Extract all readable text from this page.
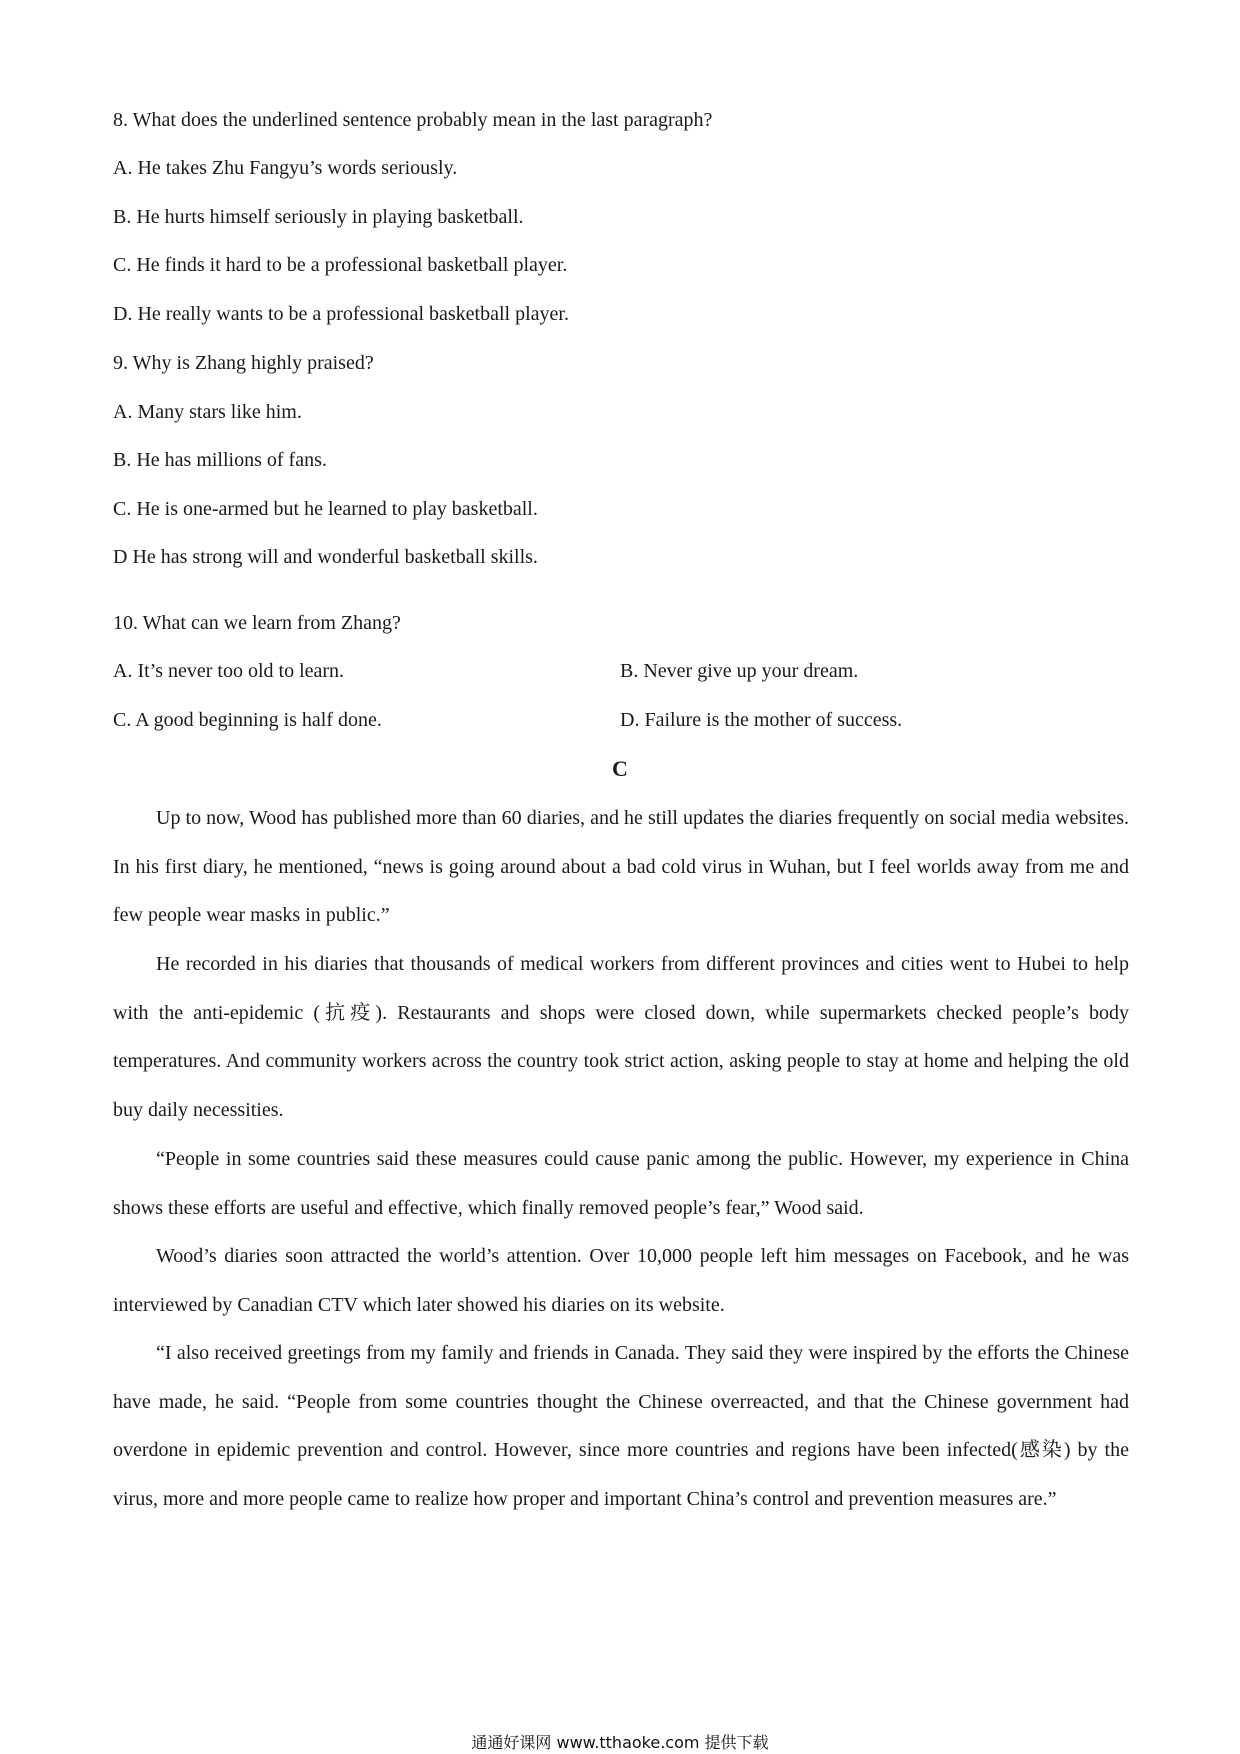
8. What does the underlined sentence probably mean in the last paragraph?
A. He takes Zhu Fangyu’s words seriously.
B. He hurts himself seriously in playing basketball.
C. He finds it hard to be a professional basketball player.
D. He really wants to be a professional basketball player.
9. Why is Zhang highly praised?
A. Many stars like him.
B. He has millions of fans.
C. He is one-armed but he learned to play basketball.
D He has strong will and wonderful basketball skills.
10. What can we learn from Zhang?
A. It’s never too old to learn.	B. Never give up your dream.
C. A good beginning is half done.	D. Failure is the mother of success.
C

Up to now, Wood has published more than 60 diaries, and he still updates the diaries frequently on social media websites. In his first diary, he mentioned, “news is going around about a bad cold virus in Wuhan, but I feel worlds away from me and few people wear masks in public.”

He recorded in his diaries that thousands of medical workers from different provinces and cities went to Hubei to help with the anti-epidemic (抗疫). Restaurants and shops were closed down, while supermarkets checked people’s body temperatures. And community workers across the country took strict action, asking people to stay at home and helping the old buy daily necessities.

“People in some countries said these measures could cause panic among the public. However, my experience in China shows these efforts are useful and effective, which finally removed people’s fear,” Wood said.

Wood’s diaries soon attracted the world’s attention. Over 10,000 people left him messages on Facebook, and he was interviewed by Canadian CTV which later showed his diaries on its website.

“I also received greetings from my family and friends in Canada. They said they were inspired by the efforts the Chinese have made, he said. “People from some countries thought the Chinese overreacted, and that the Chinese government had overdone in epidemic prevention and control. However, since more countries and regions have been infected(感染) by the virus, more and more people came to realize how proper and important China’s control and prevention measures are.”

通通好课网 www.tthaoke.com 提供下载
